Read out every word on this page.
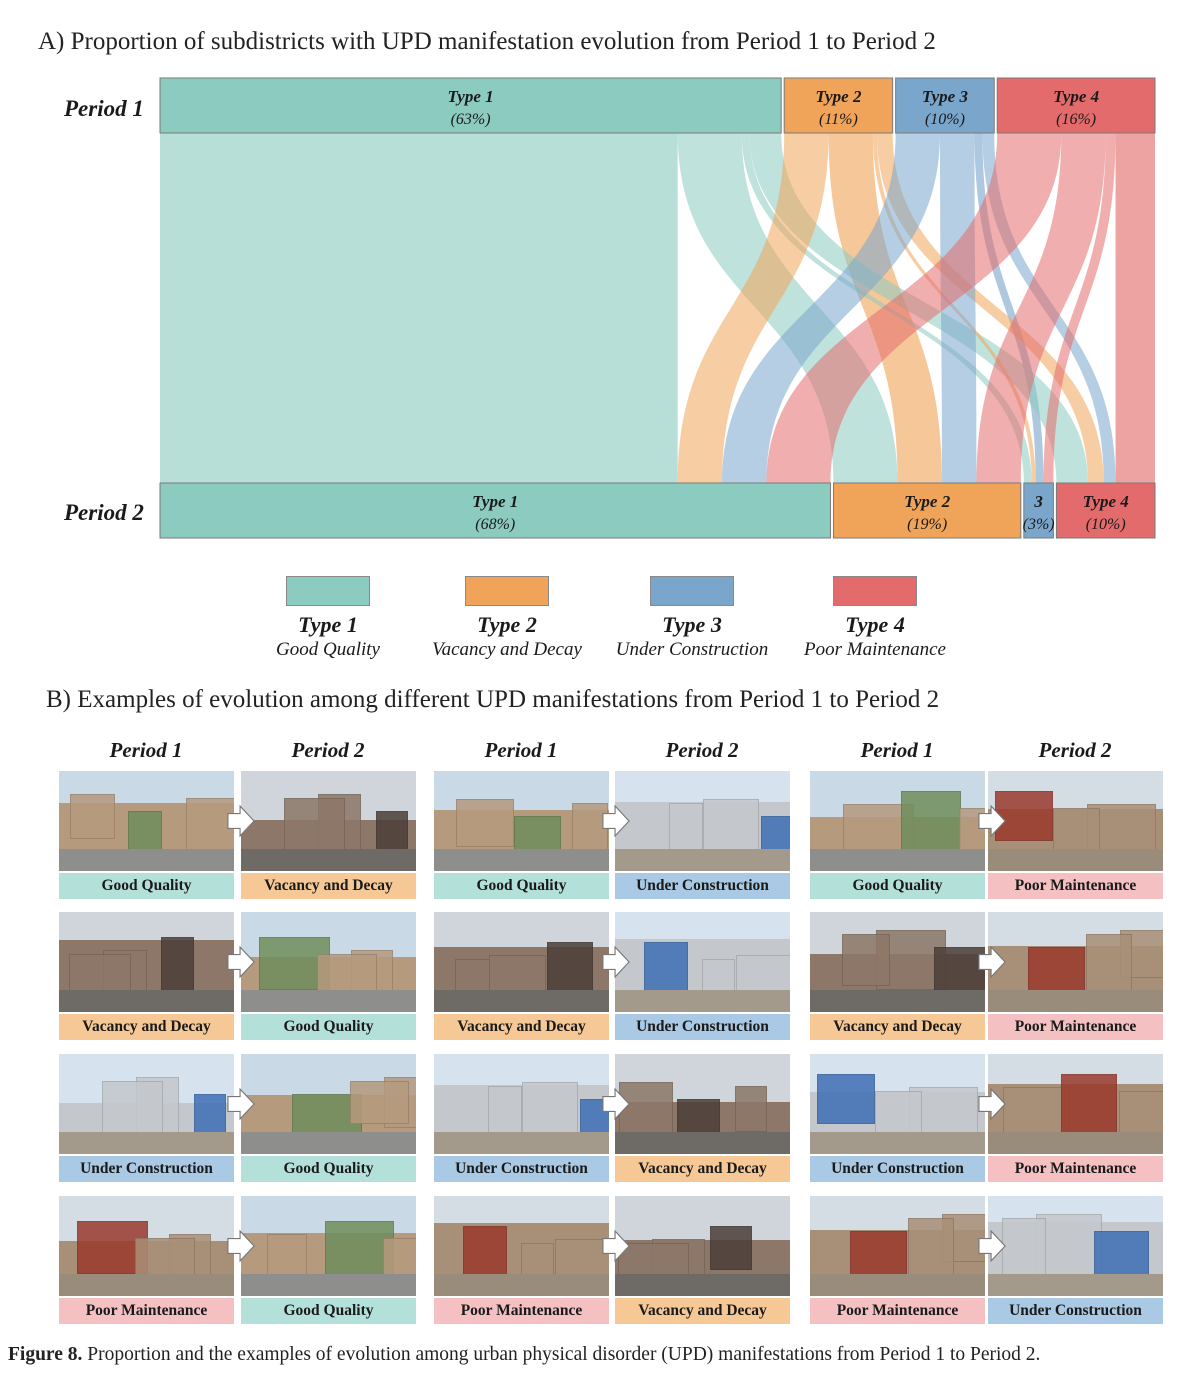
A) Proportion of subdistricts with UPD manifestation evolution from Period 1 to Period 2
Period 1
Period 2
Type 1
(63%)
Type 2
(11%)
Type 3
(10%)
Type 4
(16%)
Type 1
(68%)
Type 2
(19%)
3
(3%)
Type 4
(10%)
Type 1
Good Quality
Type 2
Vacancy and Decay
Type 3
Under Construction
Type 4
Poor Maintenance
B) Examples of evolution among different UPD manifestations from Period 1 to Period 2
Period 1	Period 2	Period 1	Period 2	Period 1	Period 2
Good Quality	Vacancy and Decay	Good Quality	Under Construction	Good Quality	Poor Maintenance
Vacancy and Decay	Good Quality	Vacancy and Decay	Under Construction	Vacancy and Decay	Poor Maintenance
Under Construction	Good Quality	Under Construction	Vacancy and Decay	Under Construction	Poor Maintenance
Poor Maintenance	Good Quality	Poor Maintenance	Vacancy and Decay	Poor Maintenance	Under Construction
Figure 8. Proportion and the examples of evolution among urban physical disorder (UPD) manifestations from Period 1 to Period 2.
